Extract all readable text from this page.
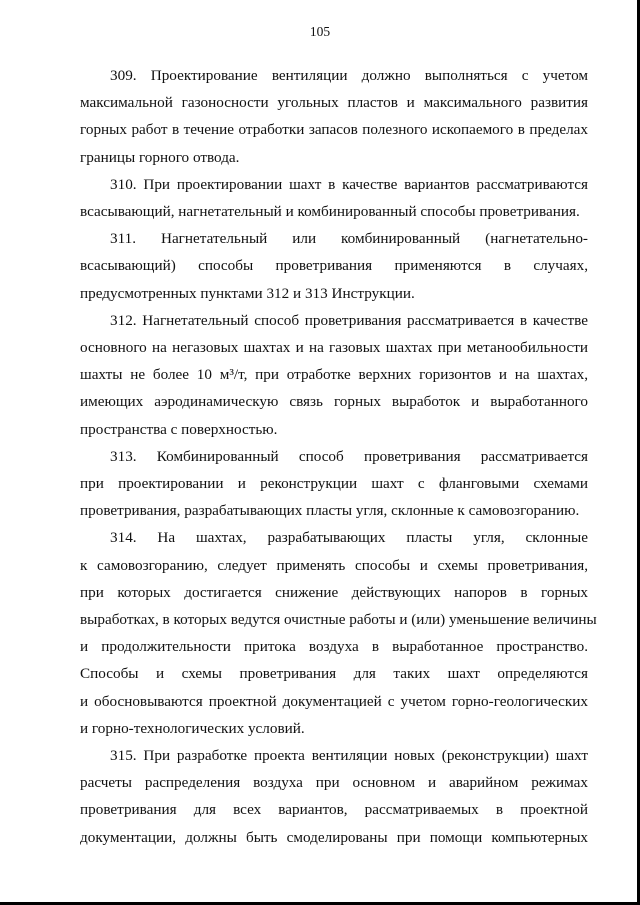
105

309. Проектирование вентиляции должно выполняться с учетом
максимальной газоносности угольных пластов и максимального развития
горных работ в течение отработки запасов полезного ископаемого в пределах
границы горного отвода.

310. При проектировании шахт в качестве вариантов рассматриваются
всасывающий, нагнетательный и комбинированный способы проветривания.

311. Нагнетательный или комбинированный (нагнетательно-
всасывающий) способы проветривания применяются в случаях,
предусмотренных пунктами 312 и 313 Инструкции.

312. Нагнетательный способ проветривания рассматривается в качестве
основного на негазовых шахтах и на газовых шахтах при метанообильности
шахты не более 10 м³/т, при отработке верхних горизонтов и на шахтах,
имеющих аэродинамическую связь горных выработок и выработанного
пространства с поверхностью.

313. Комбинированный способ проветривания рассматривается
при проектировании и реконструкции шахт с фланговыми схемами
проветривания, разрабатывающих пласты угля, склонные к самовозгоранию.

314. На шахтах, разрабатывающих пласты угля, склонные
к самовозгоранию, следует применять способы и схемы проветривания,
при которых достигается снижение действующих напоров в горных
выработках, в которых ведутся очистные работы и (или) уменьшение величины
и продолжительности притока воздуха в выработанное пространство.
Способы и схемы проветривания для таких шахт определяются
и обосновываются проектной документацией с учетом горно-геологических
и горно-технологических условий.

315. При разработке проекта вентиляции новых (реконструкции) шахт
расчеты распределения воздуха при основном и аварийном режимах
проветривания для всех вариантов, рассматриваемых в проектной
документации, должны быть смоделированы при помощи компьютерных
